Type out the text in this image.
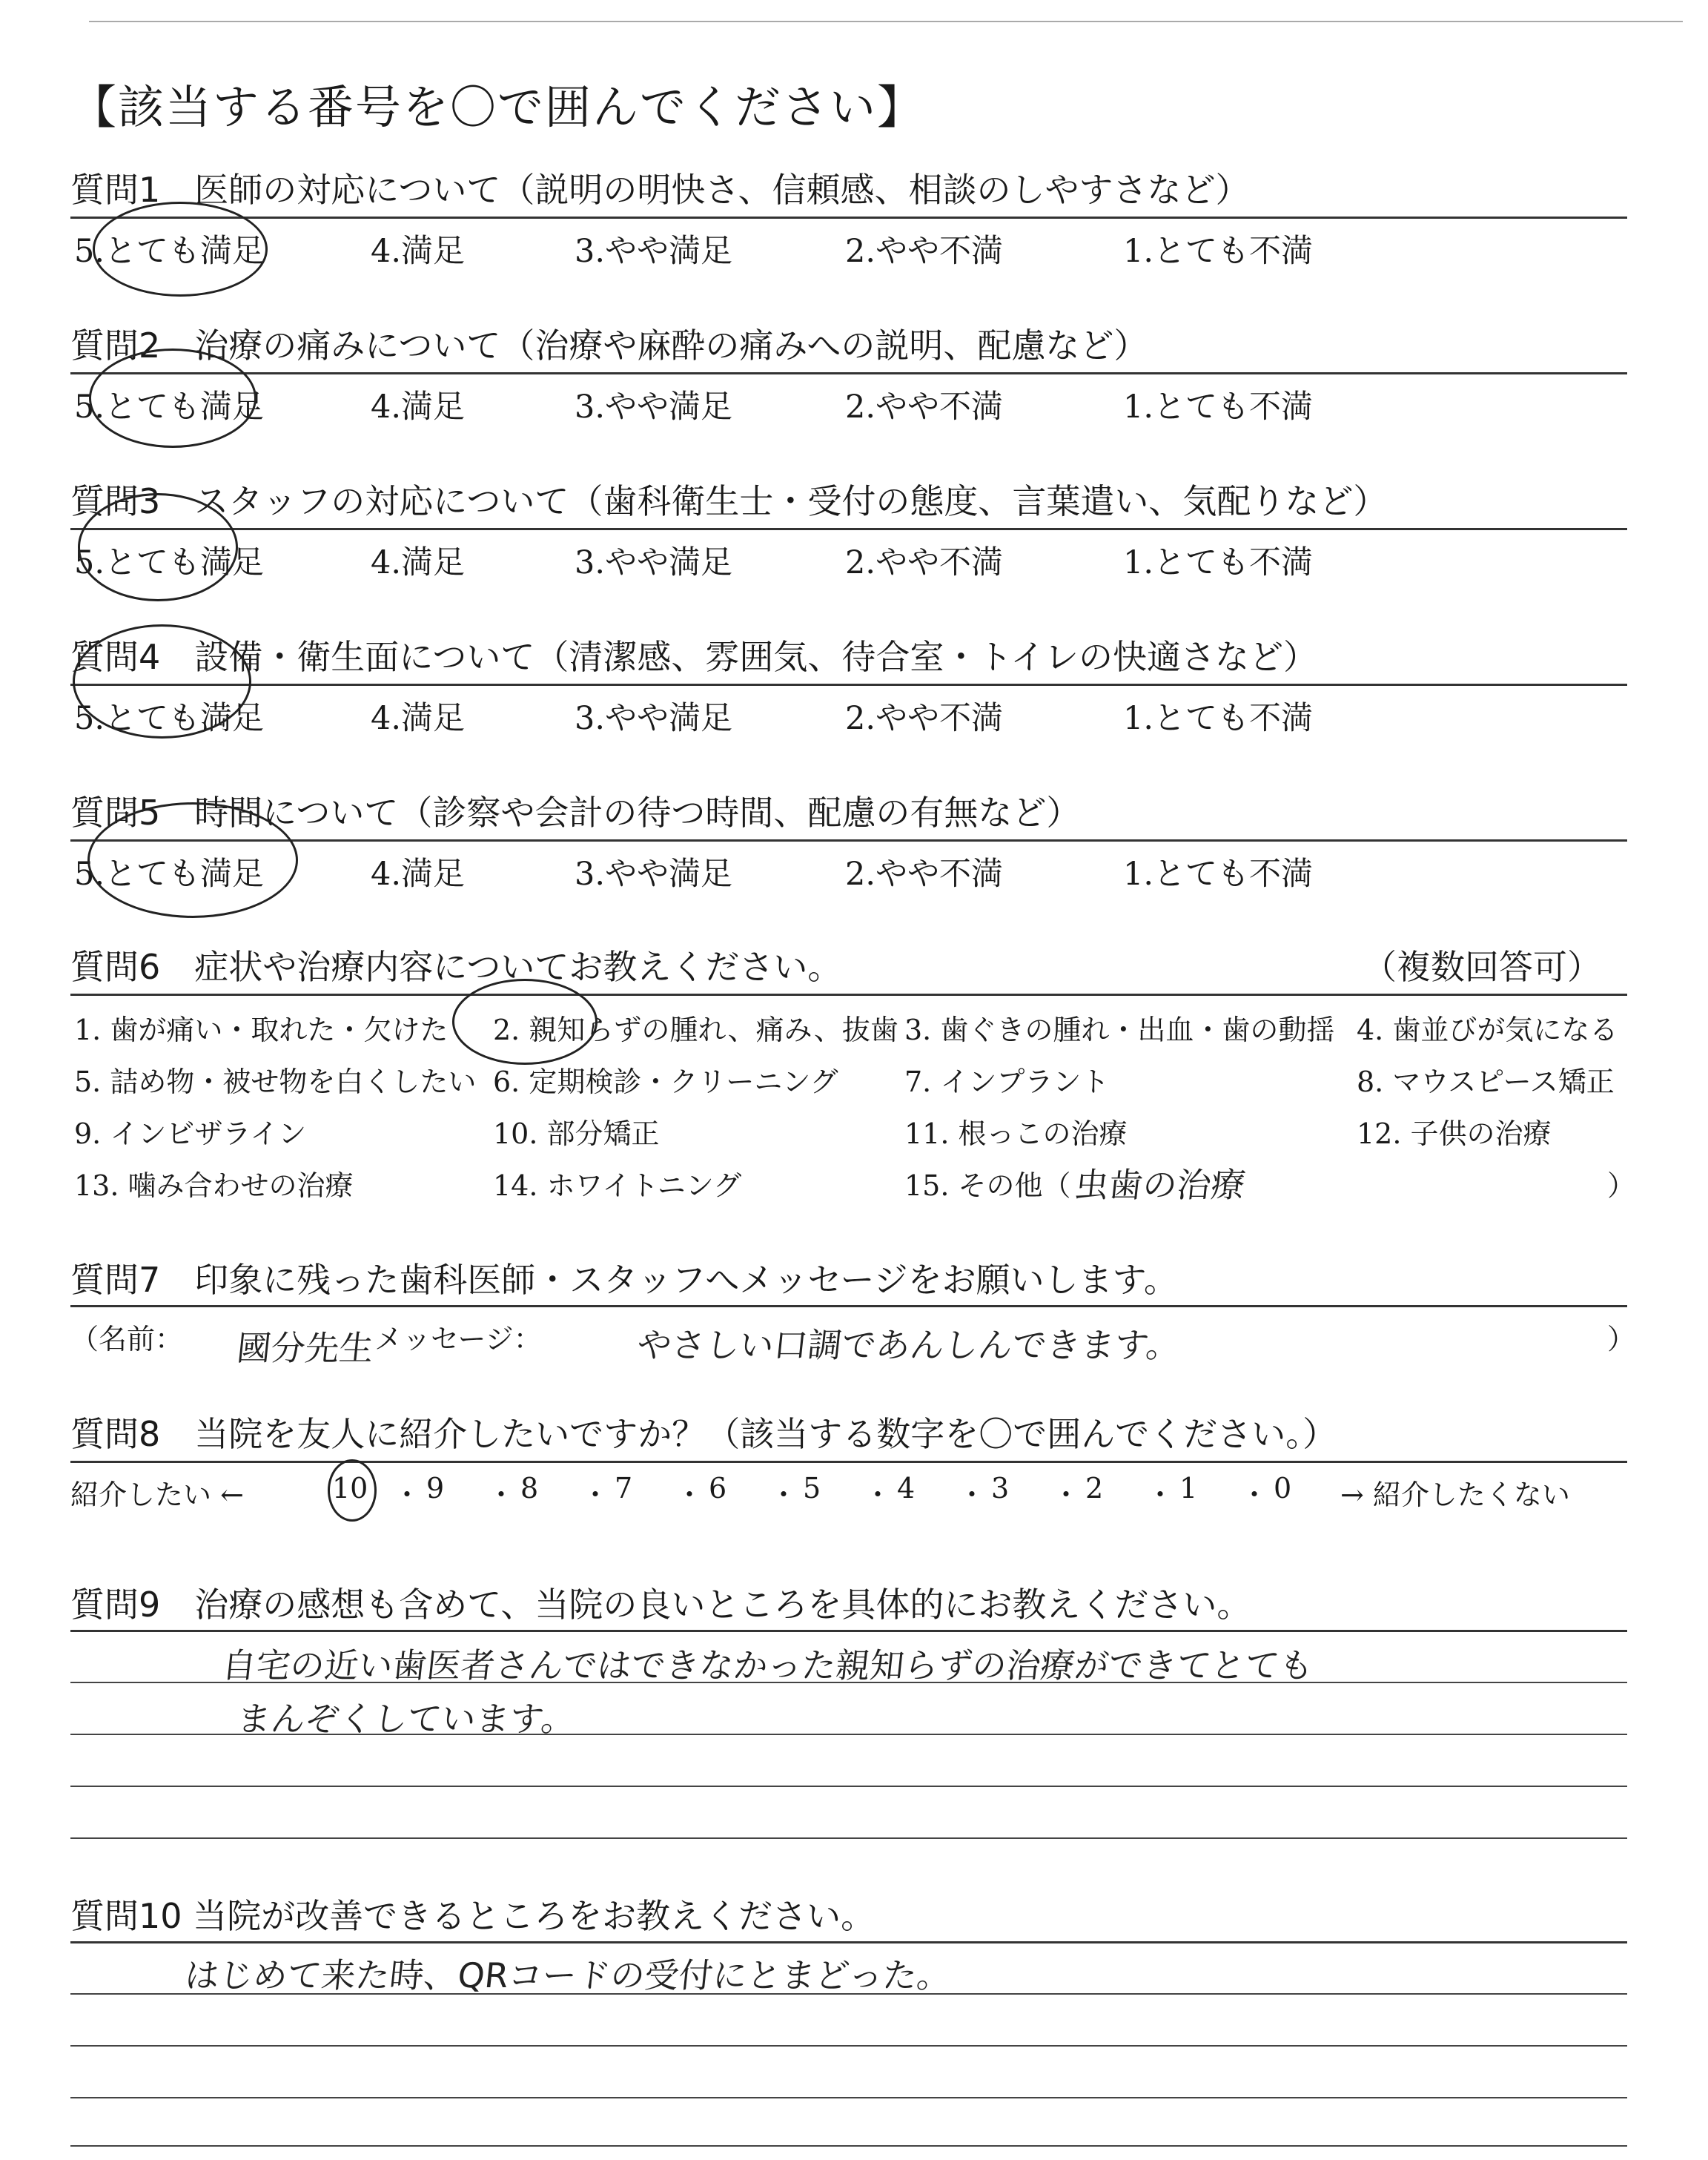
【該当する番号を〇で囲んでください】
質問1　医師の対応について（説明の明快さ、信頼感、相談のしやすさなど）
5.とても満足	4.満足	3.やや満足	2.やや不満	1.とても不満
質問2　治療の痛みについて（治療や麻酔の痛みへの説明、配慮など）
5.とても満足	4.満足	3.やや満足	2.やや不満	1.とても不満
質問3　スタッフの対応について（歯科衛生士・受付の態度、言葉遣い、気配りなど）
5.とても満足	4.満足	3.やや満足	2.やや不満	1.とても不満
質問4　設備・衛生面について（清潔感、雰囲気、待合室・トイレの快適さなど）
5.とても満足	4.満足	3.やや満足	2.やや不満	1.とても不満
質問5　時間について（診察や会計の待つ時間、配慮の有無など）
5.とても満足	4.満足	3.やや満足	2.やや不満	1.とても不満
質問6　症状や治療内容についてお教えください。	（複数回答可）
1. 歯が痛い・取れた・欠けた 2. 親知らずの腫れ、痛み、抜歯 3. 歯ぐきの腫れ・出血・歯の動揺 4. 歯並びが気になる
5. 詰め物・被せ物を白くしたい 6. 定期検診・クリーニング 7. インプラント	8. マウスピース矯正
9. インビザライン	10. 部分矯正	11. 根っこの治療	12. 子供の治療
13. 噛み合わせの治療	14. ホワイトニング	15. その他（	）
虫歯の治療
質問7　印象に残った歯科医師・スタッフへメッセージをお願いします。
（名前： 國分先生
メッセージ：	やさしい口調であんしんできます。	）
質問8　当院を友人に紹介したいですか？（該当する数字を〇で囲んでください。）
紹介したい ←	10 ・ 9 ・ 8 ・ 7 ・ 6 ・ 5 ・ 4 ・ 3 ・ 2 ・ 1 ・ 0 → 紹介したくない
質問9　治療の感想も含めて、当院の良いところを具体的にお教えください。
自宅の近い歯医者さんではできなかった親知らずの治療ができてとても
まんぞくしています。
質問10 当院が改善できるところをお教えください。
はじめて来た時、QRコードの受付にとまどった。
